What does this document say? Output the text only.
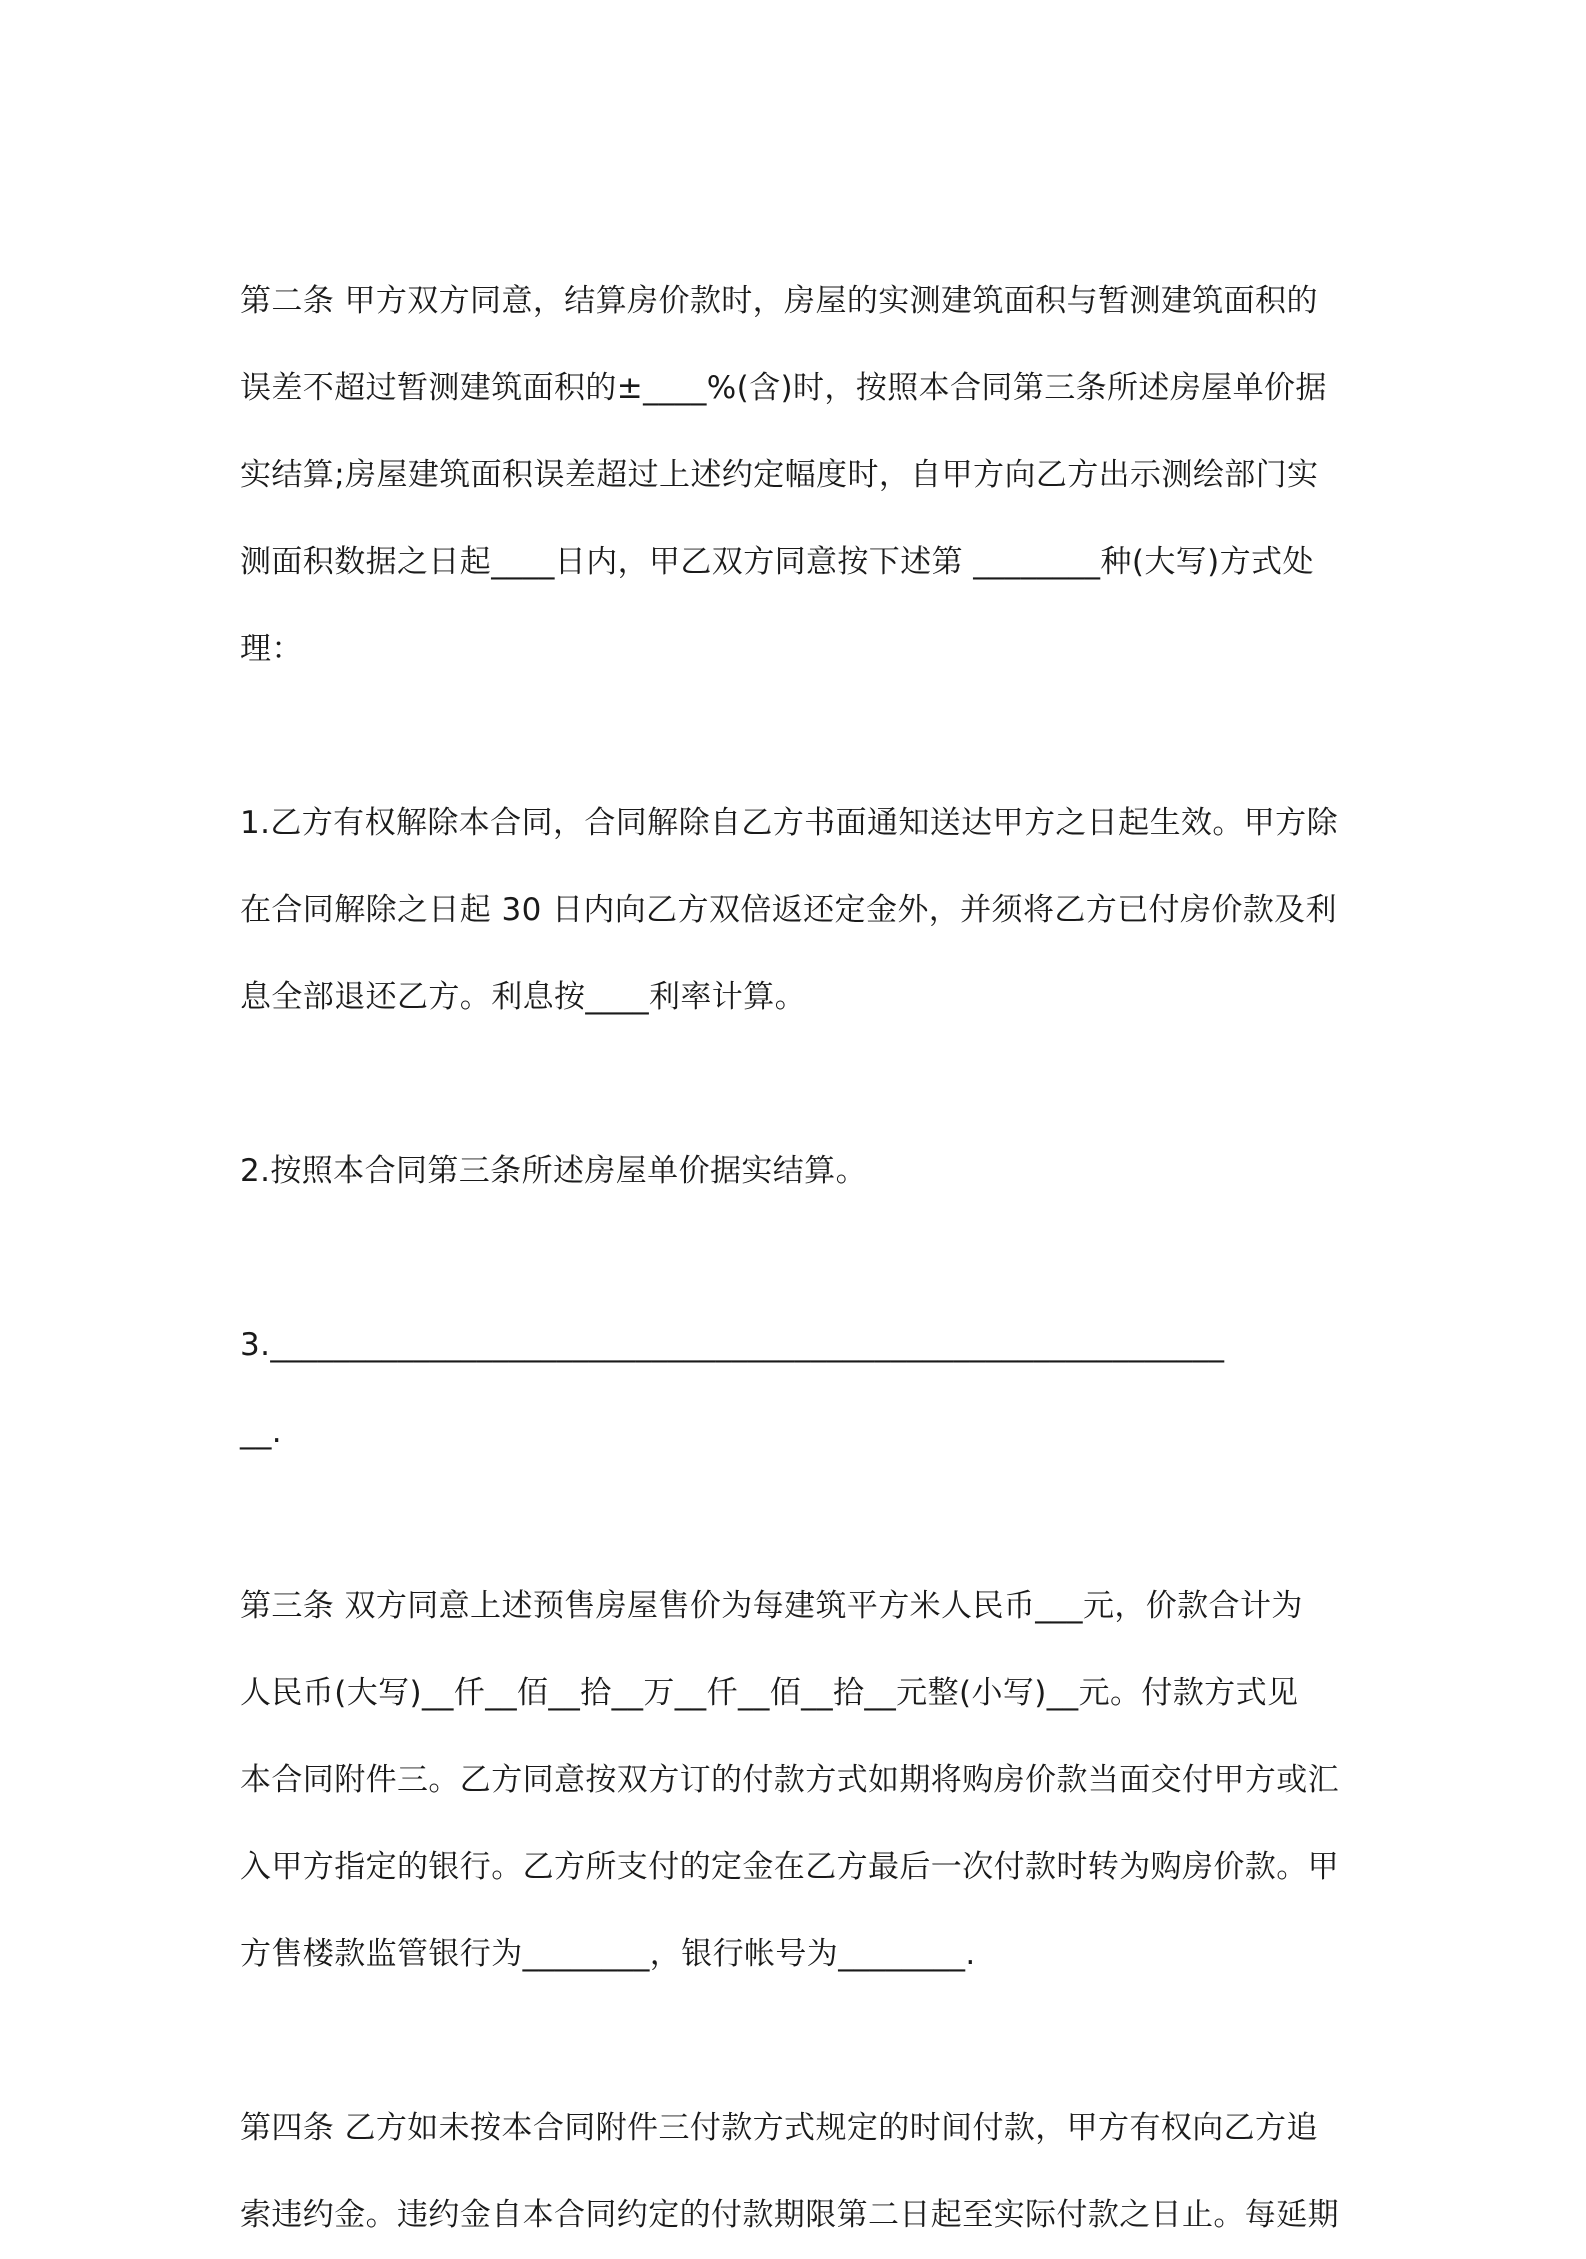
第二条 甲方双方同意，结算房价款时，房屋的实测建筑面积与暂测建筑面积的
误差不超过暂测建筑面积的±____%(含)时，按照本合同第三条所述房屋单价据
实结算;房屋建筑面积误差超过上述约定幅度时，自甲方向乙方出示测绘部门实
测面积数据之日起____日内，甲乙双方同意按下述第 ________种(大写)方式处
理：
1.乙方有权解除本合同，合同解除自乙方书面通知送达甲方之日起生效。甲方除
在合同解除之日起 30 日内向乙方双倍返还定金外，并须将乙方已付房价款及利
息全部退还乙方。利息按____利率计算。
2.按照本合同第三条所述房屋单价据实结算。
3.____________________________________________________________
__.
第三条 双方同意上述预售房屋售价为每建筑平方米人民币___元，价款合计为
人民币(大写)__仟__佰__拾__万__仟__佰__拾__元整(小写)__元。付款方式见
本合同附件三。乙方同意按双方订的付款方式如期将购房价款当面交付甲方或汇
入甲方指定的银行。乙方所支付的定金在乙方最后一次付款时转为购房价款。甲
方售楼款监管银行为________，银行帐号为________.
第四条 乙方如未按本合同附件三付款方式规定的时间付款，甲方有权向乙方追
索违约金。违约金自本合同约定的付款期限第二日起至实际付款之日止。每延期
